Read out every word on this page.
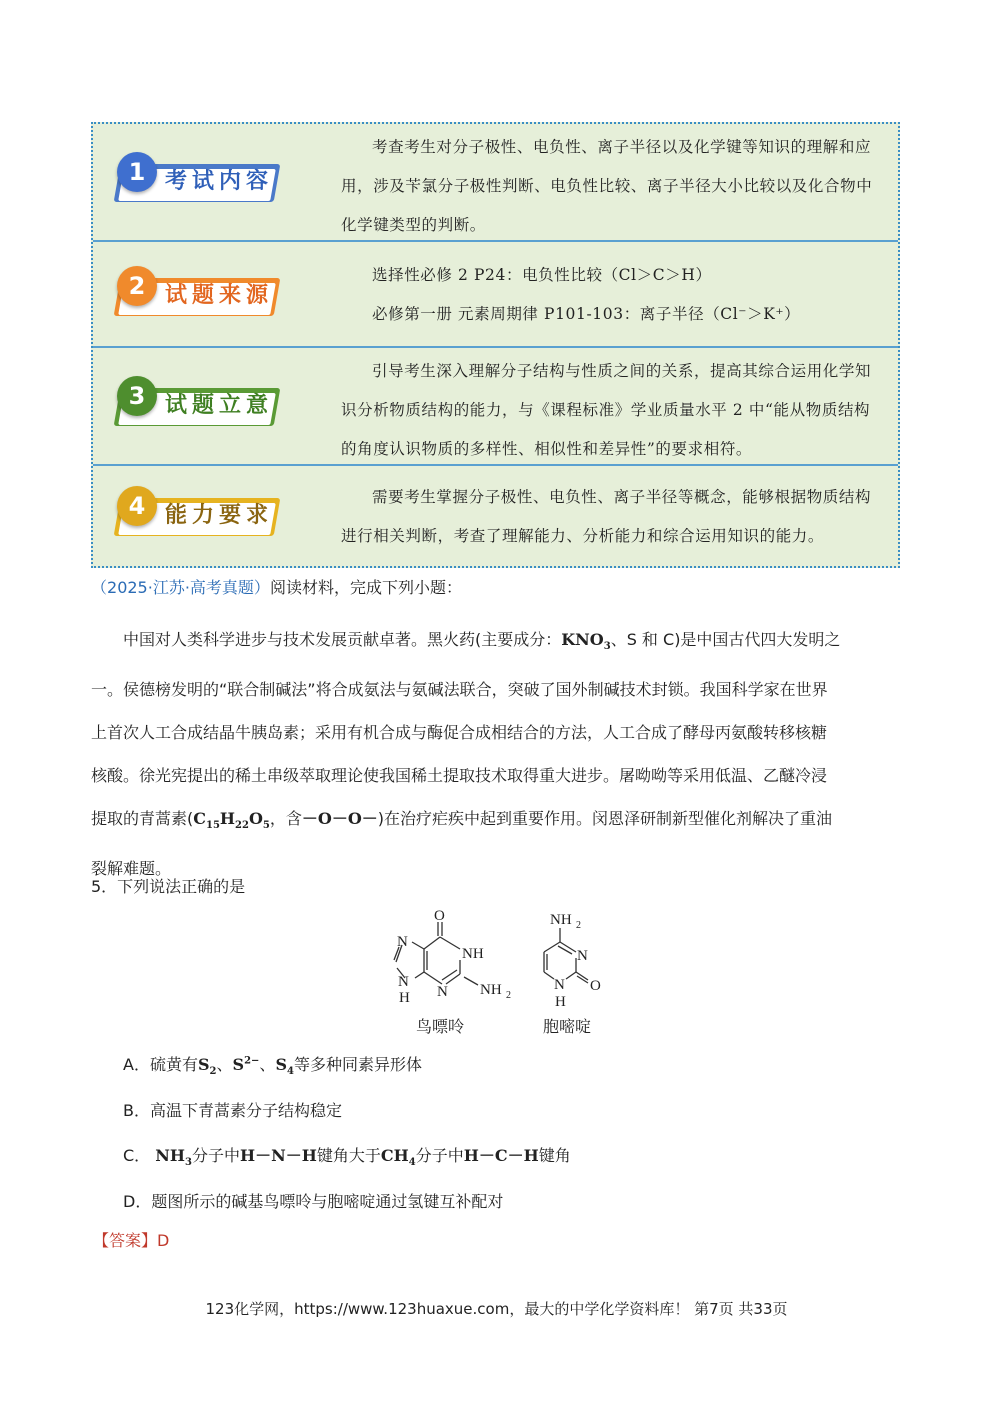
1 考试内容
考查考生对分子极性、电负性、离子半径以及化学键等知识的理解和应
用，涉及苄氯分子极性判断、电负性比较、离子半径大小比较以及化合物中
化学键类型的判断。
2 试题来源
选择性必修 2 P24：电负性比较（Cl＞C＞H）
必修第一册 元素周期律 P101-103：离子半径（Cl⁻＞K⁺）
3 试题立意
引导考生深入理解分子结构与性质之间的关系，提高其综合运用化学知
识分析物质结构的能力，与《课程标准》学业质量水平 2 中“能从物质结构
的角度认识物质的多样性、相似性和差异性”的要求相符。
4 能力要求
需要考生掌握分子极性、电负性、离子半径等概念，能够根据物质结构
进行相关判断，考查了理解能力、分析能力和综合运用知识的能力。
（2025·江苏·高考真题）阅读材料，完成下列小题：

中国对人类科学进步与技术发展贡献卓著。黑火药(主要成分：$KNO_3$、S 和 C)是中国古代四大发明之

一。侯德榜发明的“联合制碱法”将合成氨法与氨碱法联合，突破了国外制碱技术封锁。我国科学家在世界

上首次人工合成结晶牛胰岛素；采用有机合成与酶促合成相结合的方法，人工合成了酵母丙氨酸转移核糖

核酸。徐光宪提出的稀土串级萃取理论使我国稀土提取技术取得重大进步。屠呦呦等采用低温、乙醚冷浸

提取的青蒿素($C_{15}H_{22}O_5$，含－O－O－)在治疗疟疾中起到重要作用。闵恩泽研制新型催化剂解决了重油

裂解难题。

5．下列说法正确的是
O
NH
N NH 2
N
N
H
NH 2
N
N
H
O
鸟嘌呤	胞嘧啶
A．硫黄有$S_2$、$S^{2-}$、$S_4$等多种同素异形体
B．高温下青蒿素分子结构稳定
C． $NH_3$分子中H－N－H键角大于$CH_4$分子中H－C－H键角
D．题图所示的碱基鸟嘌呤与胞嘧啶通过氢键互补配对
【答案】D
123化学网，https://www.123huaxue.com，最大的中学化学资料库！ 第7页 共33页
